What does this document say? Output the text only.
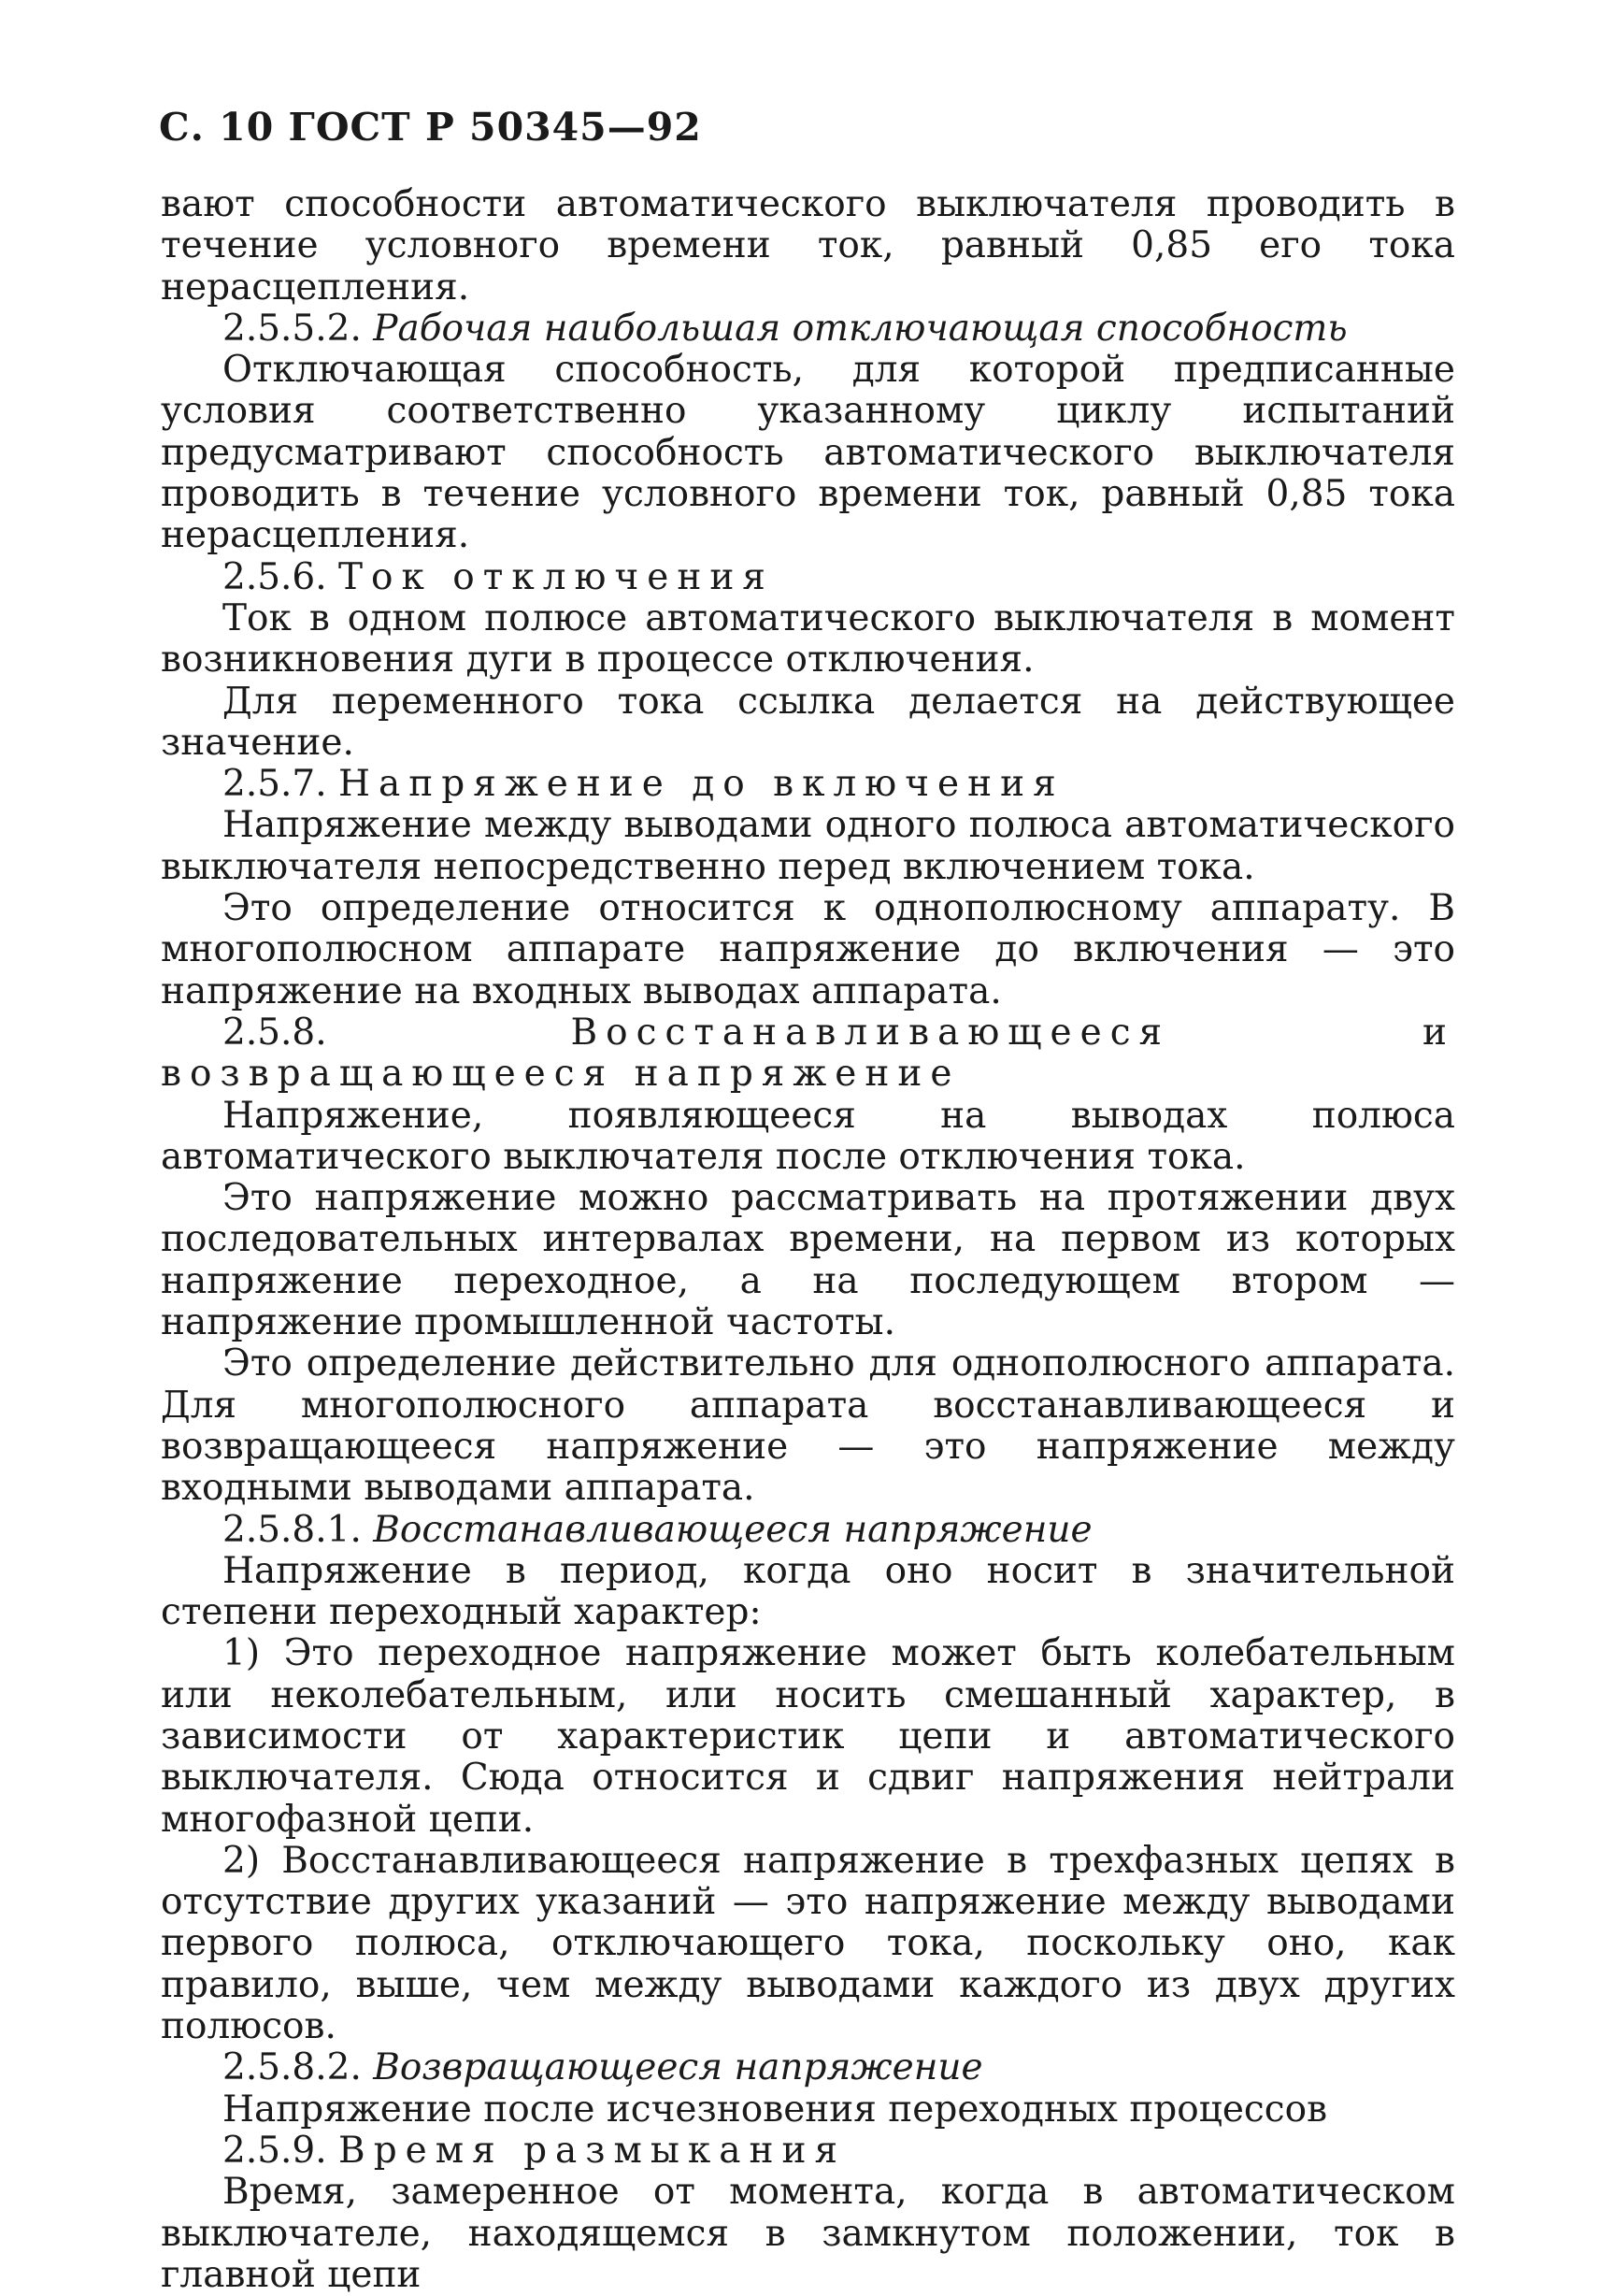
С. 10 ГОСТ Р 50345—92

вают способности автоматического выключателя проводить в течение условного времени ток, равный 0,85 его тока нерасцепления.

2.5.5.2. Рабочая наибольшая отключающая способность

Отключающая способность, для которой предписанные условия соответственно указанному циклу испытаний предусматривают способность автоматического выключателя проводить в течение условного времени ток, равный 0,85 тока нерасцепления.

2.5.6. Ток отключения

Ток в одном полюсе автоматического выключателя в момент возникновения дуги в процессе отключения.

Для переменного тока ссылка делается на действующее значение.

2.5.7. Напряжение до включения

Напряжение между выводами одного полюса автоматического выключателя непосредственно перед включением тока.

Это определение относится к однополюсному аппарату. В многополюсном аппарате напряжение до включения — это напряжение на входных выводах аппарата.

2.5.8. Восстанавливающееся и возвращающееся напряжение

Напряжение, появляющееся на выводах полюса автоматического выключателя после отключения тока.

Это напряжение можно рассматривать на протяжении двух последовательных интервалах времени, на первом из которых напряжение переходное, а на последующем втором — напряжение промышленной частоты.

Это определение действительно для однополюсного аппарата. Для многополюсного аппарата восстанавливающееся и возвращающееся напряжение — это напряжение между входными выводами аппарата.

2.5.8.1. Восстанавливающееся напряжение

Напряжение в период, когда оно носит в значительной степени переходный характер:

1) Это переходное напряжение может быть колебательным или неколебательным, или носить смешанный характер, в зависимости от характеристик цепи и автоматического выключателя. Сюда относится и сдвиг напряжения нейтрали многофазной цепи.

2) Восстанавливающееся напряжение в трехфазных цепях в отсутствие других указаний — это напряжение между выводами первого полюса, отключающего тока, поскольку оно, как правило, выше, чем между выводами каждого из двух других полюсов.

2.5.8.2. Возвращающееся напряжение

Напряжение после исчезновения переходных процессов

2.5.9. Время размыкания

Время, замеренное от момента, когда в автоматическом выключателе, находящемся в замкнутом положении, ток в главной цепи
